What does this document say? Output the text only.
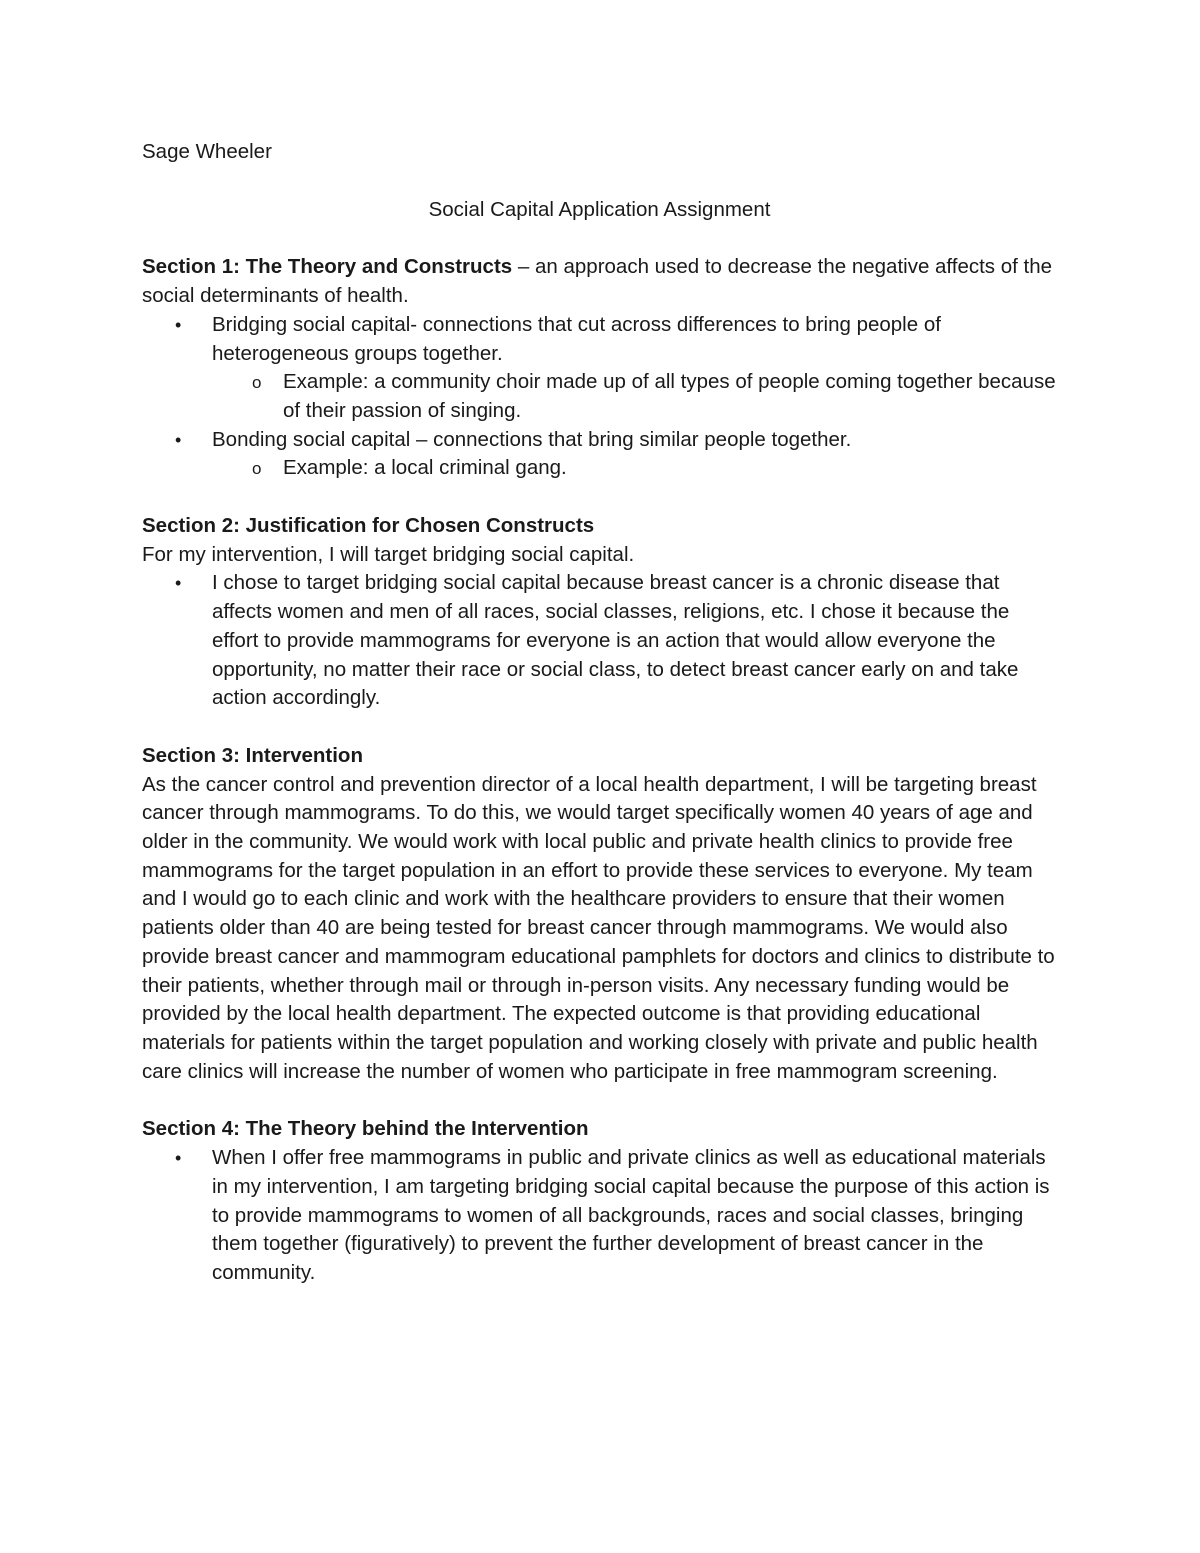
Sage Wheeler
Social Capital Application Assignment

Section 1: The Theory and Constructs – an approach used to decrease the negative affects of the social determinants of health.

• Bridging social capital- connections that cut across differences to bring people of heterogeneous groups together.
o Example: a community choir made up of all types of people coming together because of their passion of singing.
• Bonding social capital – connections that bring similar people together.
o Example: a local criminal gang.

Section 2: Justification for Chosen Constructs

For my intervention, I will target bridging social capital.

• I chose to target bridging social capital because breast cancer is a chronic disease that affects women and men of all races, social classes, religions, etc. I chose it because the effort to provide mammograms for everyone is an action that would allow everyone the opportunity, no matter their race or social class, to detect breast cancer early on and take action accordingly.

Section 3: Intervention

As the cancer control and prevention director of a local health department, I will be targeting breast cancer through mammograms. To do this, we would target specifically women 40 years of age and older in the community. We would work with local public and private health clinics to provide free mammograms for the target population in an effort to provide these services to everyone. My team and I would go to each clinic and work with the healthcare providers to ensure that their women patients older than 40 are being tested for breast cancer through mammograms. We would also provide breast cancer and mammogram educational pamphlets for doctors and clinics to distribute to their patients, whether through mail or through in-person visits. Any necessary funding would be provided by the local health department. The expected outcome is that providing educational materials for patients within the target population and working closely with private and public health care clinics will increase the number of women who participate in free mammogram screening.

Section 4: The Theory behind the Intervention

• When I offer free mammograms in public and private clinics as well as educational materials in my intervention, I am targeting bridging social capital because the purpose of this action is to provide mammograms to women of all backgrounds, races and social classes, bringing them together (figuratively) to prevent the further development of breast cancer in the community.
